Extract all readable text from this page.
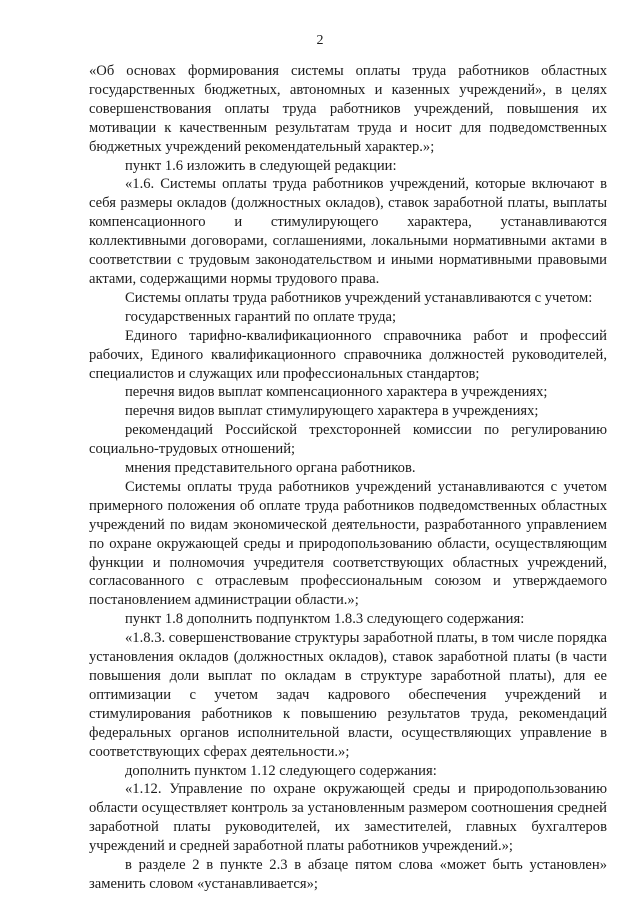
2

«Об основах формирования системы оплаты труда работников областных государственных бюджетных, автономных и казенных учреждений», в целях совершенствования оплаты труда работников учреждений, повышения их мотивации к качественным результатам труда и носит для подведомственных бюджетных учреждений рекомендательный характер.»;

пункт 1.6 изложить в следующей редакции:

«1.6. Системы оплаты труда работников учреждений, которые включают в себя размеры окладов (должностных окладов), ставок заработной платы, выплаты компенсационного и стимулирующего характера, устанавливаются коллективными договорами, соглашениями, локальными нормативными актами в соответствии с трудовым законодательством и иными нормативными правовыми актами, содержащими нормы трудового права.

Системы оплаты труда работников учреждений устанавливаются с учетом:

государственных гарантий по оплате труда;

Единого тарифно-квалификационного справочника работ и профессий рабочих, Единого квалификационного справочника должностей руководителей, специалистов и служащих или профессиональных стандартов;

перечня видов выплат компенсационного характера в учреждениях;

перечня видов выплат стимулирующего характера в учреждениях;

рекомендаций Российской трехсторонней комиссии по регулированию социально-трудовых отношений;

мнения представительного органа работников.

Системы оплаты труда работников учреждений устанавливаются с учетом примерного положения об оплате труда работников подведомственных областных учреждений по видам экономической деятельности, разработанного управлением по охране окружающей среды и природопользованию области, осуществляющим функции и полномочия учредителя соответствующих областных учреждений, согласованного с отраслевым профессиональным союзом и утверждаемого постановлением администрации области.»;

пункт 1.8 дополнить подпунктом 1.8.3 следующего содержания:

«1.8.3. совершенствование структуры заработной платы, в том числе порядка установления окладов (должностных окладов), ставок заработной платы (в части повышения доли выплат по окладам в структуре заработной платы), для ее оптимизации с учетом задач кадрового обеспечения учреждений и стимулирования работников к повышению результатов труда, рекомендаций федеральных органов исполнительной власти, осуществляющих управление в соответствующих сферах деятельности.»;

дополнить пунктом 1.12 следующего содержания:

«1.12. Управление по охране окружающей среды и природопользованию области осуществляет контроль за установленным размером соотношения средней заработной платы руководителей, их заместителей, главных бухгалтеров учреждений и средней заработной платы работников учреждений.»;

в разделе 2 в пункте 2.3 в абзаце пятом слова «может быть установлен» заменить словом «устанавливается»;
